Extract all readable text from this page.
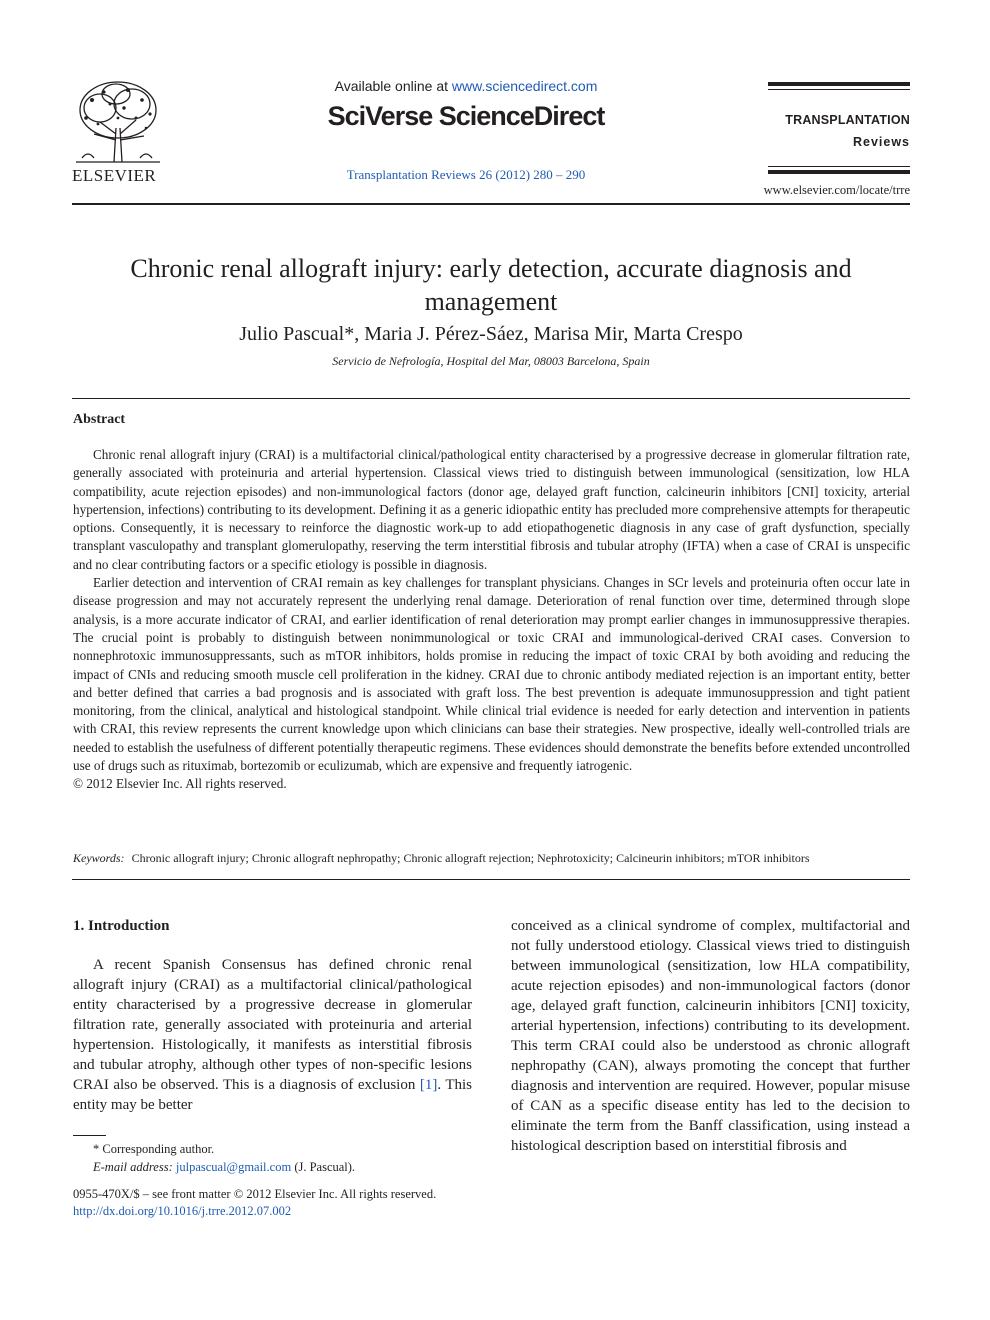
ELSEVIER
Available online at www.sciencedirect.com
SciVerse ScienceDirect
Transplantation Reviews 26 (2012) 280 – 290
TRANSPLANTATION
Reviews
www.elsevier.com/locate/trre
Chronic renal allograft injury: early detection, accurate diagnosis and management
Julio Pascual*, Maria J. Pérez-Sáez, Marisa Mir, Marta Crespo
Servicio de Nefrología, Hospital del Mar, 08003 Barcelona, Spain
Abstract

Chronic renal allograft injury (CRAI) is a multifactorial clinical/pathological entity characterised by a progressive decrease in glomerular filtration rate, generally associated with proteinuria and arterial hypertension. Classical views tried to distinguish between immunological (sensitization, low HLA compatibility, acute rejection episodes) and non-immunological factors (donor age, delayed graft function, calcineurin inhibitors [CNI] toxicity, arterial hypertension, infections) contributing to its development. Defining it as a generic idiopathic entity has precluded more comprehensive attempts for therapeutic options. Consequently, it is necessary to reinforce the diagnostic work-up to add etiopathogenetic diagnosis in any case of graft dysfunction, specially transplant vasculopathy and transplant glomerulopathy, reserving the term interstitial fibrosis and tubular atrophy (IFTA) when a case of CRAI is unspecific and no clear contributing factors or a specific etiology is possible in diagnosis.

Earlier detection and intervention of CRAI remain as key challenges for transplant physicians. Changes in SCr levels and proteinuria often occur late in disease progression and may not accurately represent the underlying renal damage. Deterioration of renal function over time, determined through slope analysis, is a more accurate indicator of CRAI, and earlier identification of renal deterioration may prompt earlier changes in immunosuppressive therapies. The crucial point is probably to distinguish between nonimmunological or toxic CRAI and immunological-derived CRAI cases. Conversion to nonnephrotoxic immunosuppressants, such as mTOR inhibitors, holds promise in reducing the impact of toxic CRAI by both avoiding and reducing the impact of CNIs and reducing smooth muscle cell proliferation in the kidney. CRAI due to chronic antibody mediated rejection is an important entity, better and better defined that carries a bad prognosis and is associated with graft loss. The best prevention is adequate immunosuppression and tight patient monitoring, from the clinical, analytical and histological standpoint. While clinical trial evidence is needed for early detection and intervention in patients with CRAI, this review represents the current knowledge upon which clinicians can base their strategies. New prospective, ideally well-controlled trials are needed to establish the usefulness of different potentially therapeutic regimens. These evidences should demonstrate the benefits before extended uncontrolled use of drugs such as rituximab, bortezomib or eculizumab, which are expensive and frequently iatrogenic.

© 2012 Elsevier Inc. All rights reserved.

Keywords: Chronic allograft injury; Chronic allograft nephropathy; Chronic allograft rejection; Nephrotoxicity; Calcineurin inhibitors; mTOR inhibitors

1. Introduction

A recent Spanish Consensus has defined chronic renal allograft injury (CRAI) as a multifactorial clinical/pathological entity characterised by a progressive decrease in glomerular filtration rate, generally associated with proteinuria and arterial hypertension. Histologically, it manifests as interstitial fibrosis and tubular atrophy, although other types of non-specific lesions CRAI also be observed. This is a diagnosis of exclusion [1]. This entity may be better

conceived as a clinical syndrome of complex, multifactorial and not fully understood etiology. Classical views tried to distinguish between immunological (sensitization, low HLA compatibility, acute rejection episodes) and non-immunological factors (donor age, delayed graft function, calcineurin inhibitors [CNI] toxicity, arterial hypertension, infections) contributing to its development. This term CRAI could also be understood as chronic allograft nephropathy (CAN), always promoting the concept that further diagnosis and intervention are required. However, popular misuse of CAN as a specific disease entity has led to the decision to eliminate the term from the Banff classification, using instead a histological description based on interstitial fibrosis and

* Corresponding author.
E-mail address: julpascual@gmail.com (J. Pascual).
0955-470X/$ – see front matter © 2012 Elsevier Inc. All rights reserved.
http://dx.doi.org/10.1016/j.trre.2012.07.002
